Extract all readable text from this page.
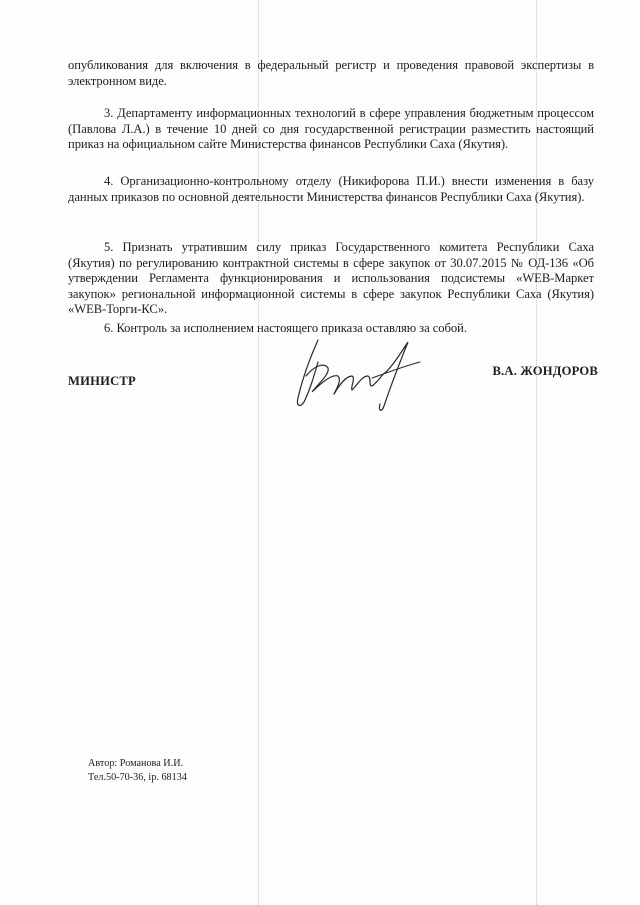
опубликования для включения в федеральный регистр и проведения правовой экспертизы в электронном виде.

3. Департаменту информационных технологий в сфере управления бюджетным процессом (Павлова Л.А.) в течение 10 дней со дня государственной регистрации разместить настоящий приказ на официальном сайте Министерства финансов Республики Саха (Якутия).

4. Организационно-контрольному отделу (Никифорова П.И.) внести изменения в базу данных приказов по основной деятельности Министерства финансов Республики Саха (Якутия).

5. Признать утратившим силу приказ Государственного комитета Республики Саха (Якутия) по регулированию контрактной системы в сфере закупок от 30.07.2015 № ОД-136 «Об утверждении Регламента функционирования и использования подсистемы «WEB-Маркет закупок» региональной информационной системы в сфере закупок Республики Саха (Якутия) «WEB-Торги-КС».

6. Контроль за исполнением настоящего приказа оставляю за собой.

МИНИСТР
В.А. ЖОНДОРОВ
Автор: Романова И.И.
Тел.50-70-36, ip. 68134
